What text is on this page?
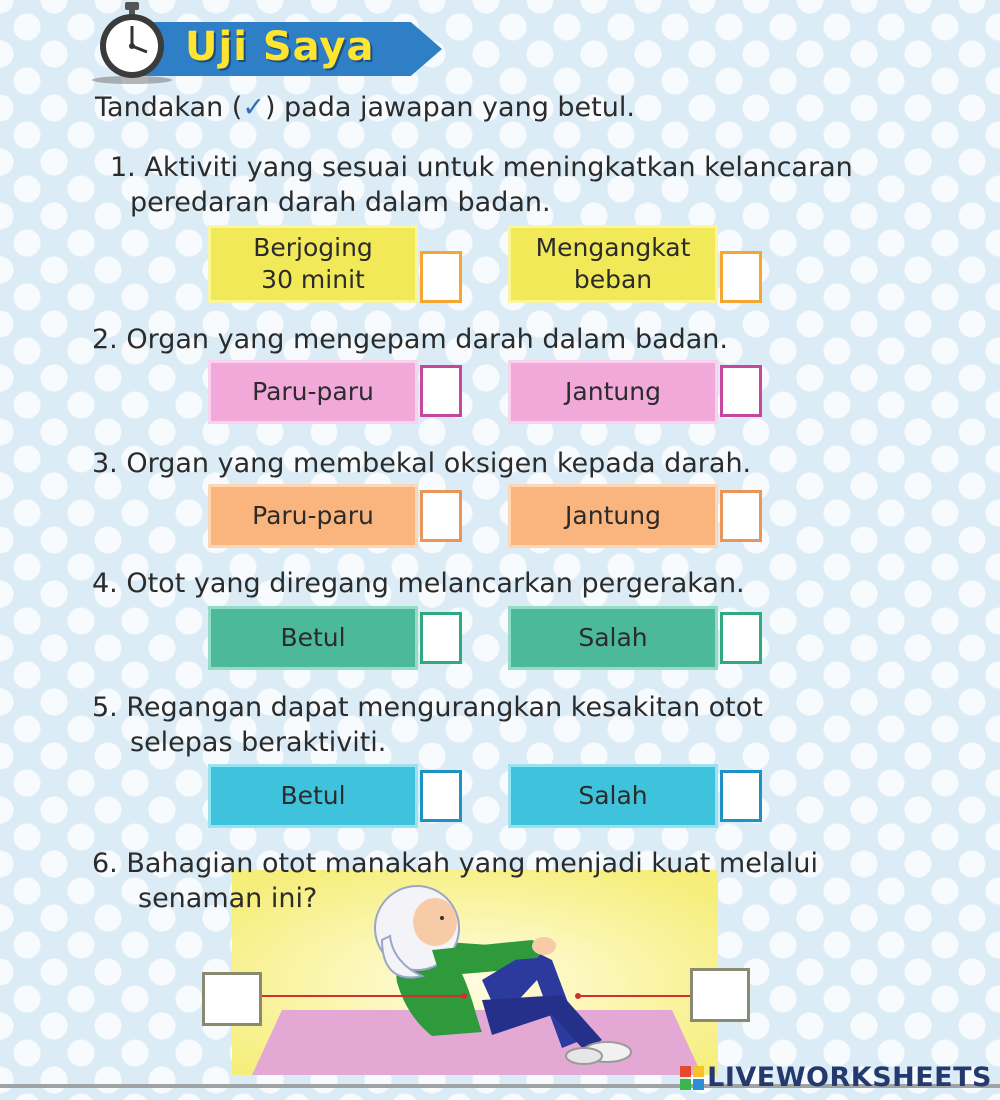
Uji Saya
Tandakan (✓) pada jawapan yang betul.
1. Aktiviti yang sesuai untuk meningkatkan kelancaran
peredaran darah dalam badan.
Berjoging
30 minit
Mengangkat
beban
2. Organ yang mengepam darah dalam badan.
Paru-paru	Jantung
3. Organ yang membekal oksigen kepada darah.
Paru-paru	Jantung
4. Otot yang diregang melancarkan pergerakan.
Betul	Salah
5. Regangan dapat mengurangkan kesakitan otot
selepas beraktiviti.
Betul	Salah
6. Bahagian otot manakah yang menjadi kuat melalui
senaman ini?
LIVEWORKSHEETS
